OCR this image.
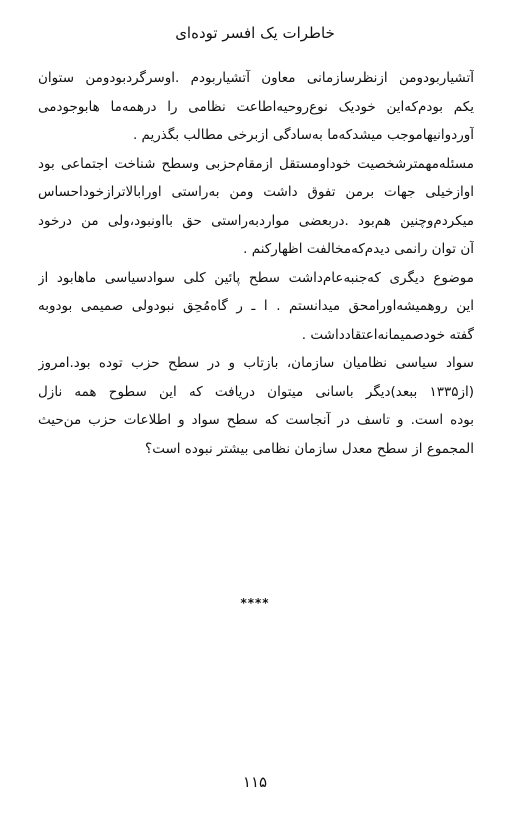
خاطرات یک افسر توده‌ای
آتشیاربودومن ازنظرسازمانی معاون آتشیاربودم .اوسرگردبودومن ستوان
یکم بودم‌که‌این خودیک نوع‌روحیه‌اطاعت نظامی را درهمه‌ما هابوجودمی
آوردوانیهاموجب میشدکه‌ما به‌سادگی ازبرخی مطالب بگذریم .
مسئله‌مهمترشخصیت خوداومستقل ازمقام‌حزبی وسطح شناخت اجتماعی بود
اوازخیلی جهات برمن تفوق داشت ومن به‌راستی اورابالاترازخوداحساس
میکردم‌وچنین هم‌بود .دربعضی مواردبه‌راستی حق بااونبود،ولی من درخود
آن توان رانمی دیدم‌که‌مخالفت اظهارکنم .
موضوع دیگری که‌جنبه‌عام‌داشت سطح پائین کلی سوادسیاسی ماهابود از
این روهمیشه‌اورامحق میدانستم . ا ـ ر گاه‌مُحِق نبودولی صمیمی بودوبه
گفته خودصمیمانه‌اعتقادداشت .
سواد سیاسی نظامیان سازمان، بازتاب و در سطح حزب توده بود.امروز
(از۱۳۳۵ ببعد)دیگر باسانی میتوان دریافت که این سطوح همه نازل
بوده است. و تاسف در آنجاست که سطح سواد و اطلاعات حزب من‌حیث
المجموع از سطح معدل سازمان نظامی بیشتر نبوده است؟
****
۱۱۵
